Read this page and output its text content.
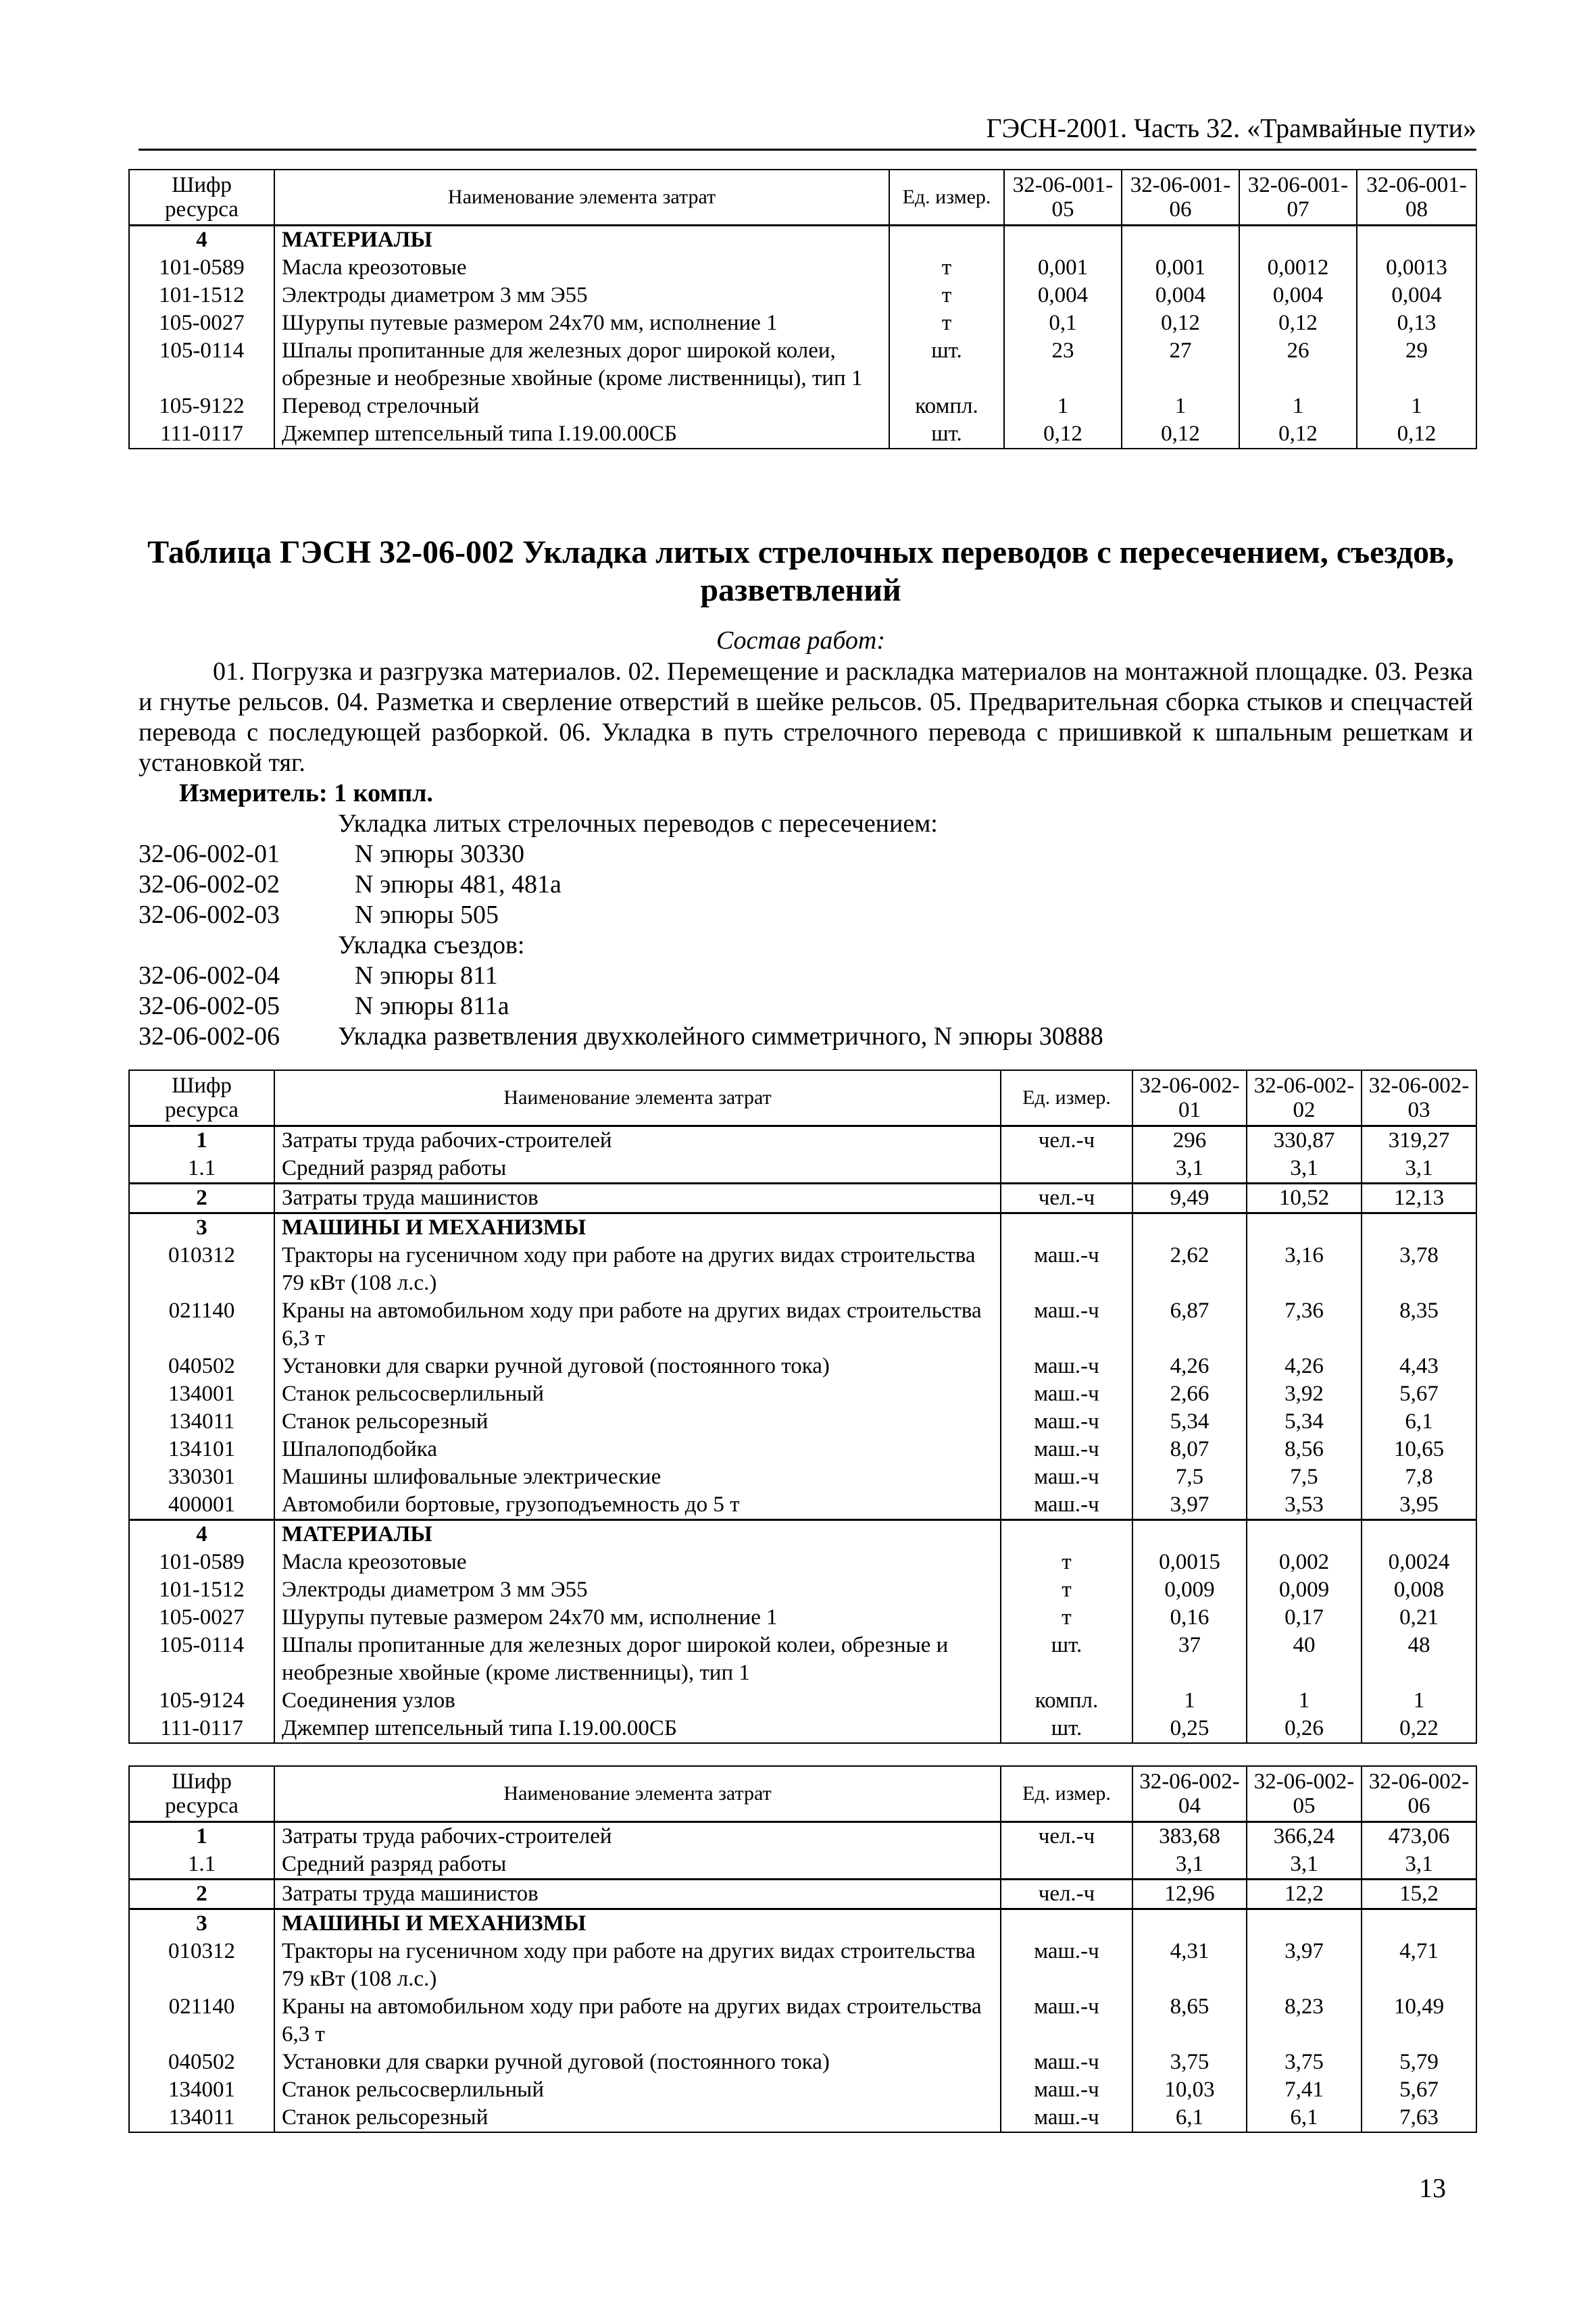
ГЭСН-2001. Часть 32. «Трамвайные пути»
Шифр ресурса	Наименование элемента затрат	Ед. измер.	32-06-001-05	32-06-001-06	32-06-001-07	32-06-001-08
4	МАТЕРИАЛЫ					
101-0589	Масла креозотовые	т	0,001	0,001	0,0012	0,0013
101-1512	Электроды диаметром 3 мм Э55	т	0,004	0,004	0,004	0,004
105-0027	Шурупы путевые размером 24х70 мм, исполнение 1	т	0,1	0,12	0,12	0,13
105-0114	Шпалы пропитанные для железных дорог широкой колеи, обрезные и необрезные хвойные (кроме лиственницы), тип 1	шт.	23	27	26	29
105-9122	Перевод стрелочный	компл.	1	1	1	1
111-0117	Джемпер штепсельный типа I.19.00.00СБ	шт.	0,12	0,12	0,12	0,12
Таблица ГЭСН 32-06-002 Укладка литых стрелочных переводов с пересечением, съездов, разветвлений
Состав работ:
01. Погрузка и разгрузка материалов. 02. Перемещение и раскладка материалов на монтажной площадке. 03. Резка и гнутье рельсов. 04. Разметка и сверление отверстий в шейке рельсов. 05. Предварительная сборка стыков и спецчастей перевода с последующей разборкой. 06. Укладка в путь стрелочного перевода с пришивкой к шпальным решеткам и установкой тяг.
Измеритель: 1 компл.
Укладка литых стрелочных переводов с пересечением:
32-06-002-01	N эпюры 30330
32-06-002-02	N эпюры 481, 481а
32-06-002-03	N эпюры 505
Укладка съездов:
32-06-002-04	N эпюры 811
32-06-002-05	N эпюры 811а
32-06-002-06 Укладка разветвления двухколейного симметричного, N эпюры 30888
Шифр ресурса	Наименование элемента затрат	Ед. измер.	32-06-002-01	32-06-002-02	32-06-002-03
1	Затраты труда рабочих-строителей	чел.-ч	296	330,87	319,27
1.1	Средний разряд работы		3,1	3,1	3,1
2	Затраты труда машинистов	чел.-ч	9,49	10,52	12,13
3	МАШИНЫ И МЕХАНИЗМЫ				
010312	Тракторы на гусеничном ходу при работе на других видах строительства 79 кВт (108 л.с.)	маш.-ч	2,62	3,16	3,78
021140	Краны на автомобильном ходу при работе на других видах строительства 6,3 т	маш.-ч	6,87	7,36	8,35
040502	Установки для сварки ручной дуговой (постоянного тока)	маш.-ч	4,26	4,26	4,43
134001	Станок рельсосверлильный	маш.-ч	2,66	3,92	5,67
134011	Станок рельсорезный	маш.-ч	5,34	5,34	6,1
134101	Шпалоподбойка	маш.-ч	8,07	8,56	10,65
330301	Машины шлифовальные электрические	маш.-ч	7,5	7,5	7,8
400001	Автомобили бортовые, грузоподъемность до 5 т	маш.-ч	3,97	3,53	3,95
4	МАТЕРИАЛЫ				
101-0589	Масла креозотовые	т	0,0015	0,002	0,0024
101-1512	Электроды диаметром 3 мм Э55	т	0,009	0,009	0,008
105-0027	Шурупы путевые размером 24х70 мм, исполнение 1	т	0,16	0,17	0,21
105-0114	Шпалы пропитанные для железных дорог широкой колеи, обрезные и необрезные хвойные (кроме лиственницы), тип 1	шт.	37	40	48
105-9124	Соединения узлов	компл.	1	1	1
111-0117	Джемпер штепсельный типа I.19.00.00СБ	шт.	0,25	0,26	0,22
Шифр ресурса	Наименование элемента затрат	Ед. измер.	32-06-002-04	32-06-002-05	32-06-002-06
1	Затраты труда рабочих-строителей	чел.-ч	383,68	366,24	473,06
1.1	Средний разряд работы		3,1	3,1	3,1
2	Затраты труда машинистов	чел.-ч	12,96	12,2	15,2
3	МАШИНЫ И МЕХАНИЗМЫ				
010312	Тракторы на гусеничном ходу при работе на других видах строительства 79 кВт (108 л.с.)	маш.-ч	4,31	3,97	4,71
021140	Краны на автомобильном ходу при работе на других видах строительства 6,3 т	маш.-ч	8,65	8,23	10,49
040502	Установки для сварки ручной дуговой (постоянного тока)	маш.-ч	3,75	3,75	5,79
134001	Станок рельсосверлильный	маш.-ч	10,03	7,41	5,67
134011	Станок рельсорезный	маш.-ч	6,1	6,1	7,63
13
